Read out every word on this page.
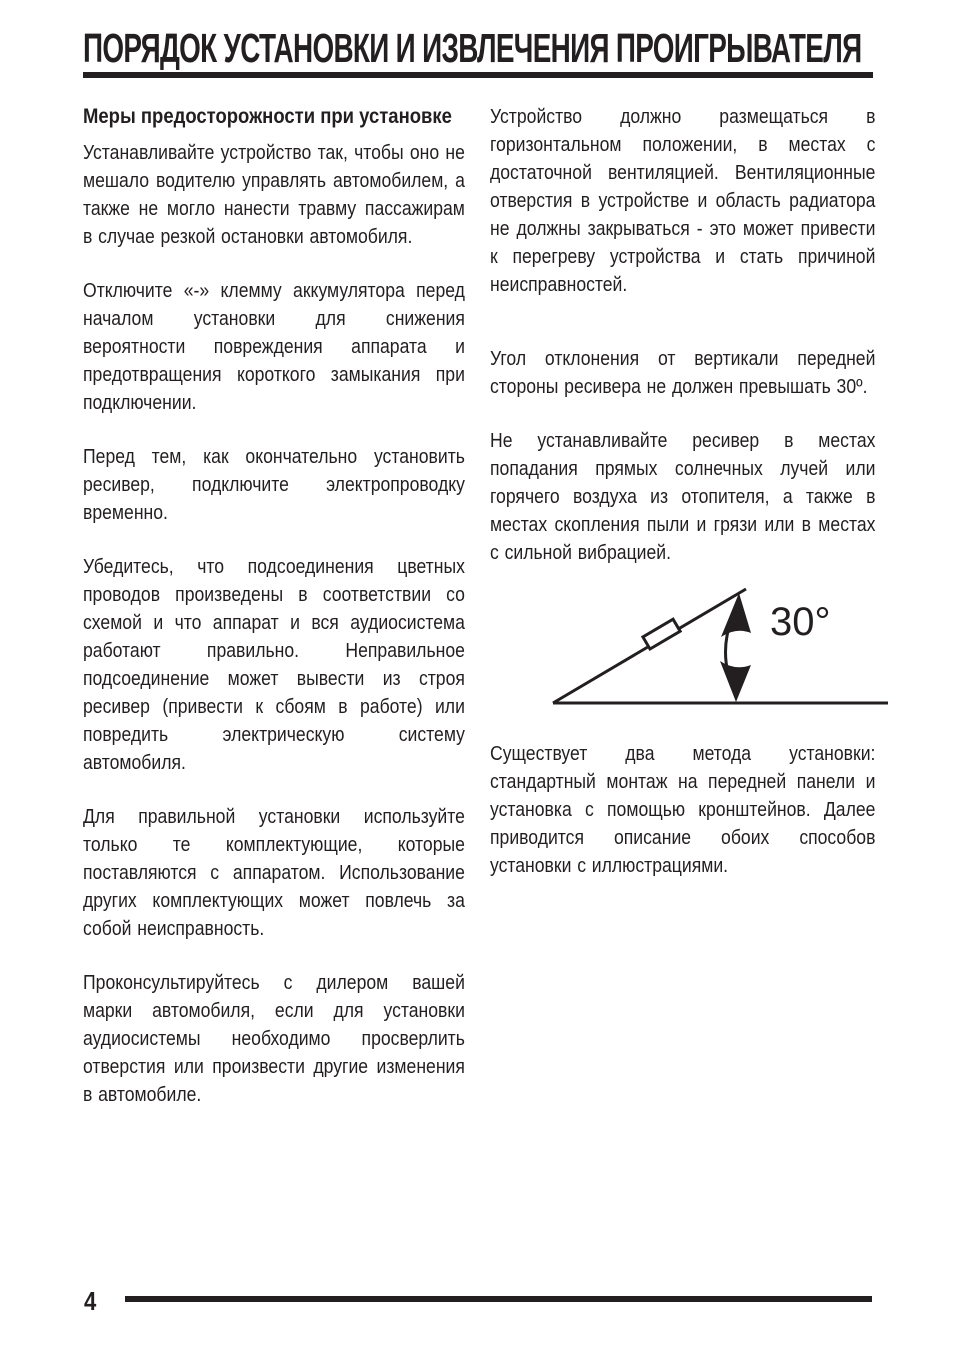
ПОРЯДОК УСТАНОВКИ И ИЗВЛЕЧЕНИЯ ПРОИГРЫВАТЕЛЯ
Меры предосторожности при установке

Устанавливайте устройство так, чтобы оно не мешало водителю управлять автомобилем, а также не могло нанести травму пассажирам в случае резкой остановки автомобиля.

Отключите «-» клемму аккумулятора перед началом установки для снижения вероятности повреждения аппарата и предотвращения короткого замыкания при подключении.

Перед тем, как окончательно установить ресивер, подключите электропроводку временно.

Убедитесь, что подсоединения цветных проводов произведены в соответствии со схемой и что аппарат и вся аудиосистема работают правильно. Неправильное подсоединение может вывести из строя ресивер (привести к сбоям в работе) или повредить электрическую систему автомобиля.

Для правильной установки используйте только те комплектующие, которые поставляются с аппаратом. Использование других комплектующих может повлечь за собой неисправность.

Проконсультируйтесь с дилером вашей марки автомобиля, если для установки аудиосистемы необходимо просверлить отверстия или произвести другие изменения в автомобиле.

Устройство должно размещаться в горизонтальном положении, в местах с достаточной вентиляцией. Вентиляционные отверстия в устройстве и область радиатора не должны закрываться - это может привести к перегреву устройства и стать причиной неисправностей.

Угол отклонения от вертикали передней стороны ресивера не должен превышать 30º.

Не устанавливайте ресивер в местах попадания прямых солнечных лучей или горячего воздуха из отопителя, а также в местах скопления пыли и грязи или в местах с сильной вибрацией.

30°

Существует два метода установки: стандартный монтаж на передней панели и установка с помощью кронштейнов. Далее приводится описание обоих способов установки с иллюстрациями.

4
